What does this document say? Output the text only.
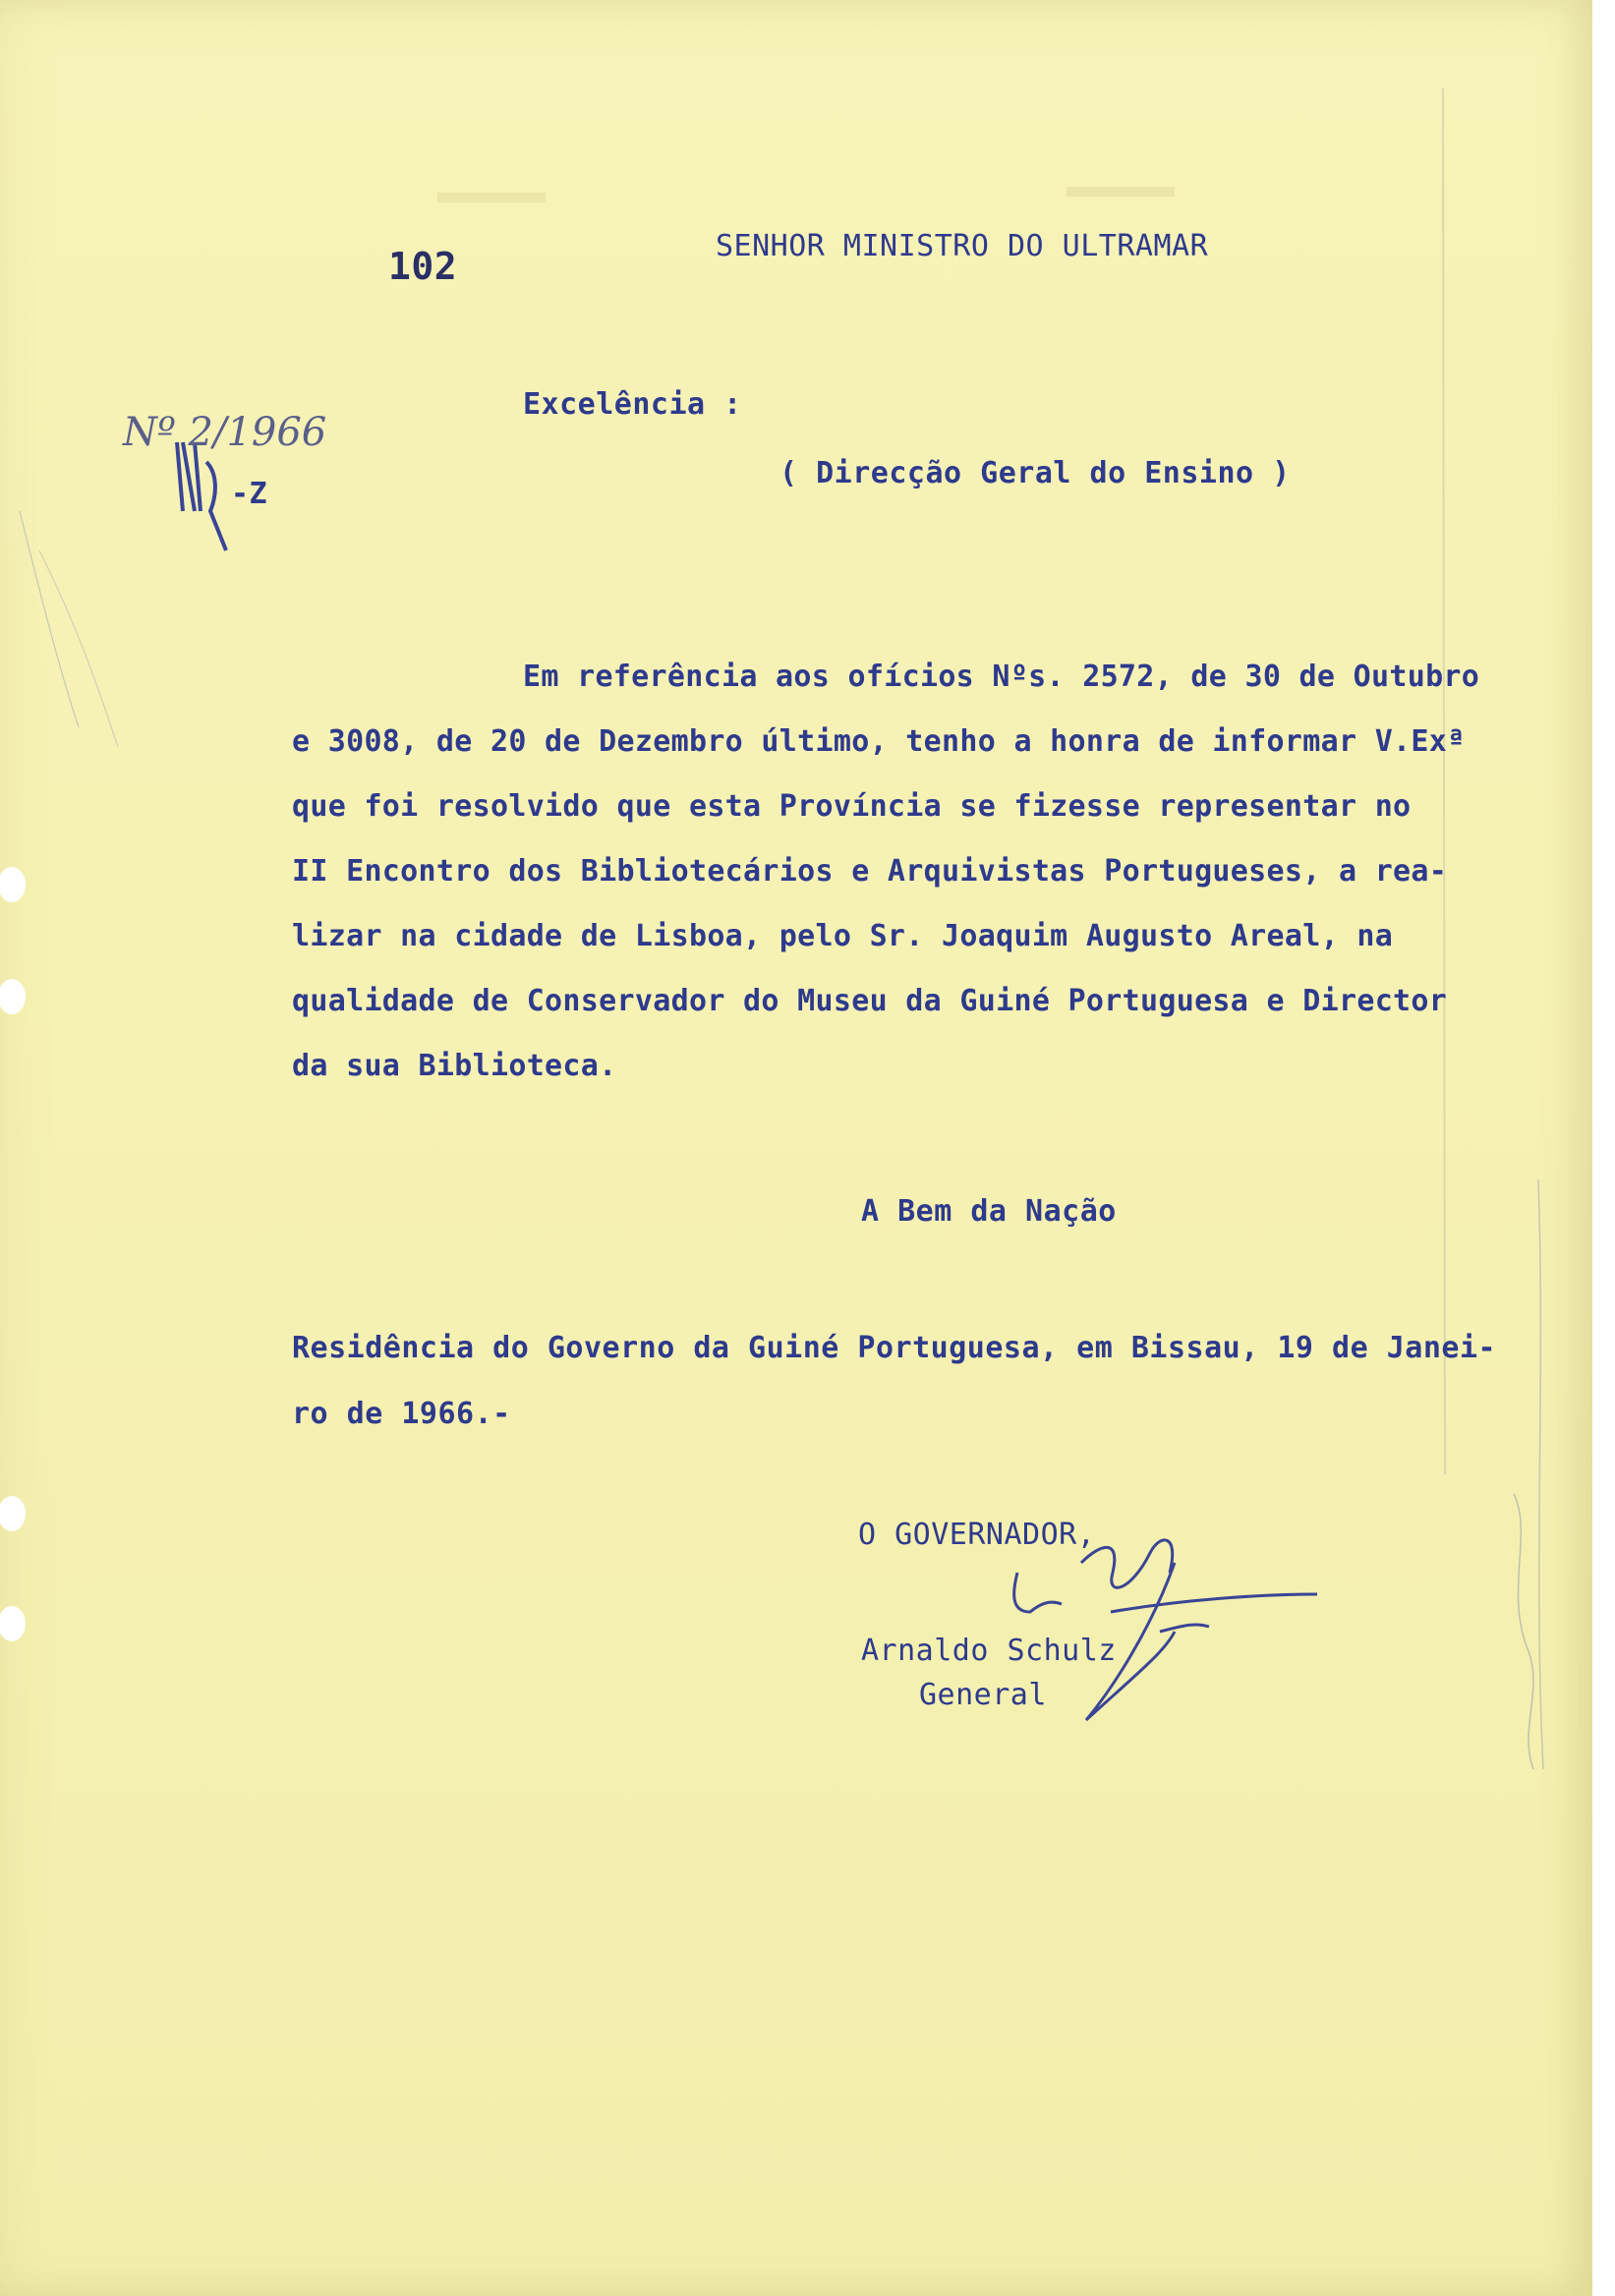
102	SENHOR MINISTRO DO ULTRAMAR
Nº 2/1966
-Z
Excelência :
( Direcção Geral do Ensino )
Em referência aos ofícios Nºs. 2572, de 30 de Outubro
e 3008, de 20 de Dezembro último, tenho a honra de informar V.Exª
que foi resolvido que esta Província se fizesse representar no
II Encontro dos Bibliotecários e Arquivistas Portugueses, a rea-
lizar na cidade de Lisboa, pelo Sr. Joaquim Augusto Areal, na
qualidade de Conservador do Museu da Guiné Portuguesa e Director
da sua Biblioteca.
A Bem da Nação
Residência do Governo da Guiné Portuguesa, em Bissau, 19 de Janei-
ro de 1966.-
O GOVERNADOR,
Arnaldo Schulz
General
